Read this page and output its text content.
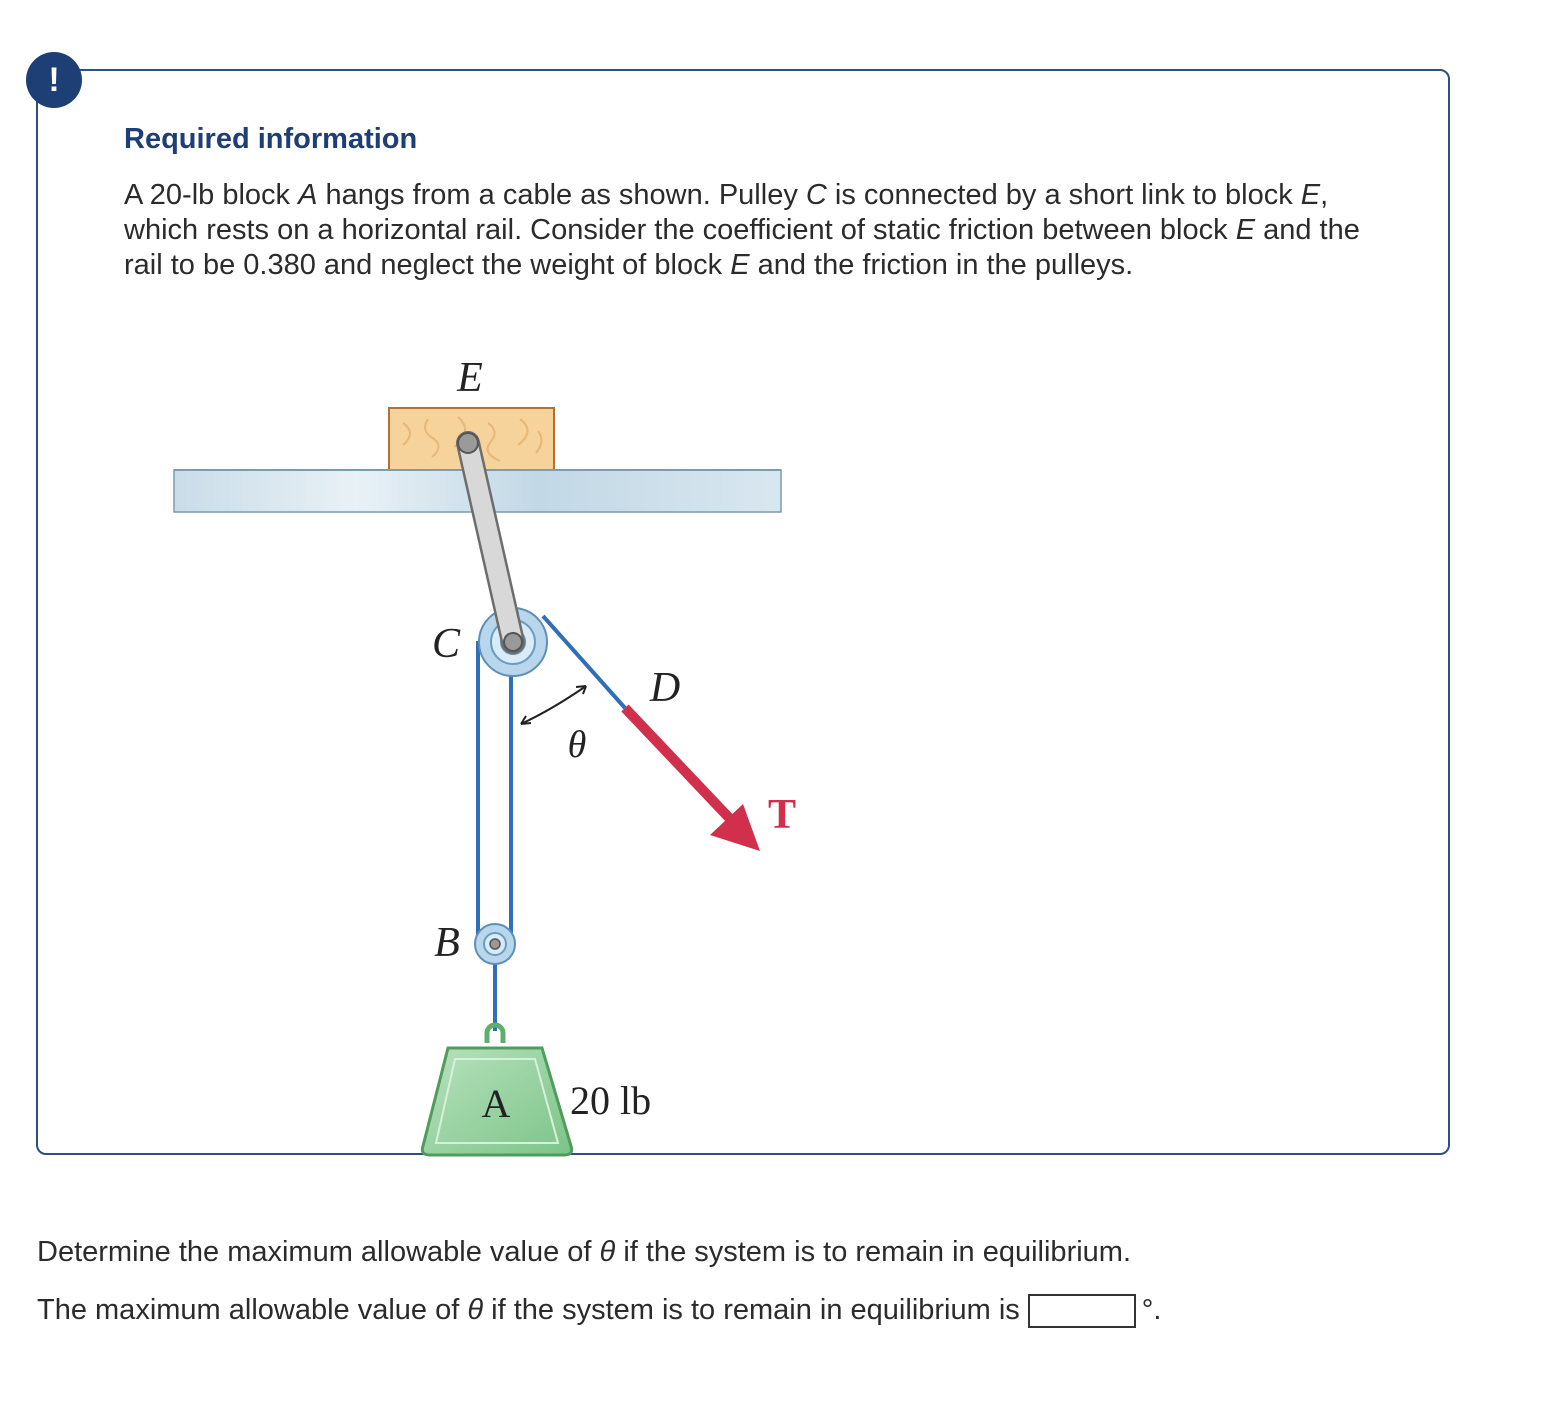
!
Required information

A 20-lb block A hangs from a cable as shown. Pulley C is connected by a short link to block E, which rests on a horizontal rail. Consider the coefficient of static friction between block E and the rail to be 0.380 and neglect the weight of block E and the friction in the pulleys.

E
C
D
θ
T
B
A 20 lb

Determine the maximum allowable value of θ if the system is to remain in equilibrium.

The maximum allowable value of θ if the system is to remain in equilibrium is	°.
